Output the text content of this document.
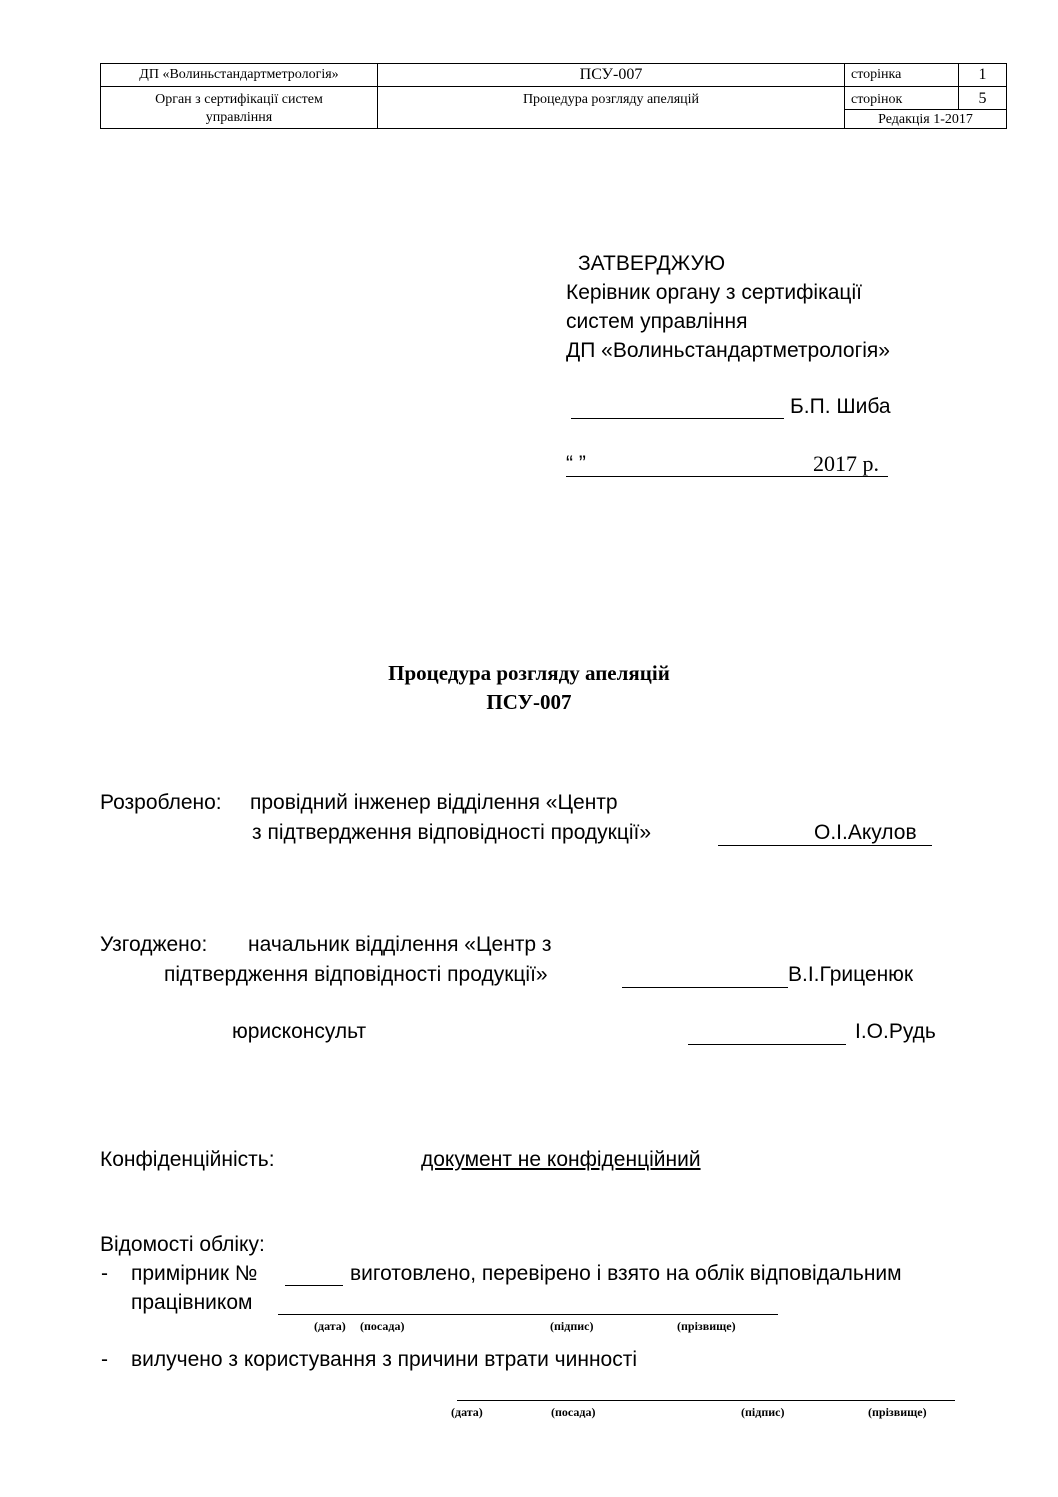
ДП «Волиньстандартметрологія»	ПСУ-007	сторінка	1
Орган з сертифікації систем
управління
Процедура розгляду апеляцій	сторінок	5
Редакція 1-2017
ЗАТВЕРДЖУЮ
Керівник органу з сертифікації
систем управління
ДП «Волиньстандартметрологія»
Б.П. Шиба
“ ”	2017 р.
Процедура розгляду апеляцій
ПСУ-007
Розроблено: провідний інженер відділення «Центр
з підтвердження відповідності продукції»	О.І.Акулов
Узгоджено: начальник відділення «Центр з
підтвердження відповідності продукції»	В.І.Гриценюк
юрисконсульт	І.О.Рудь
Конфіденційність:	документ не конфіденційний
Відомості обліку:
- примірник №	виготовлено, перевірено і взято на облік відповідальним
працівником
(дата) (посада)	(підпис)	(прізвище)
- вилучено з користування з причини втрати чинності
(дата)	(посада)	(підпис)	(прізвище)
